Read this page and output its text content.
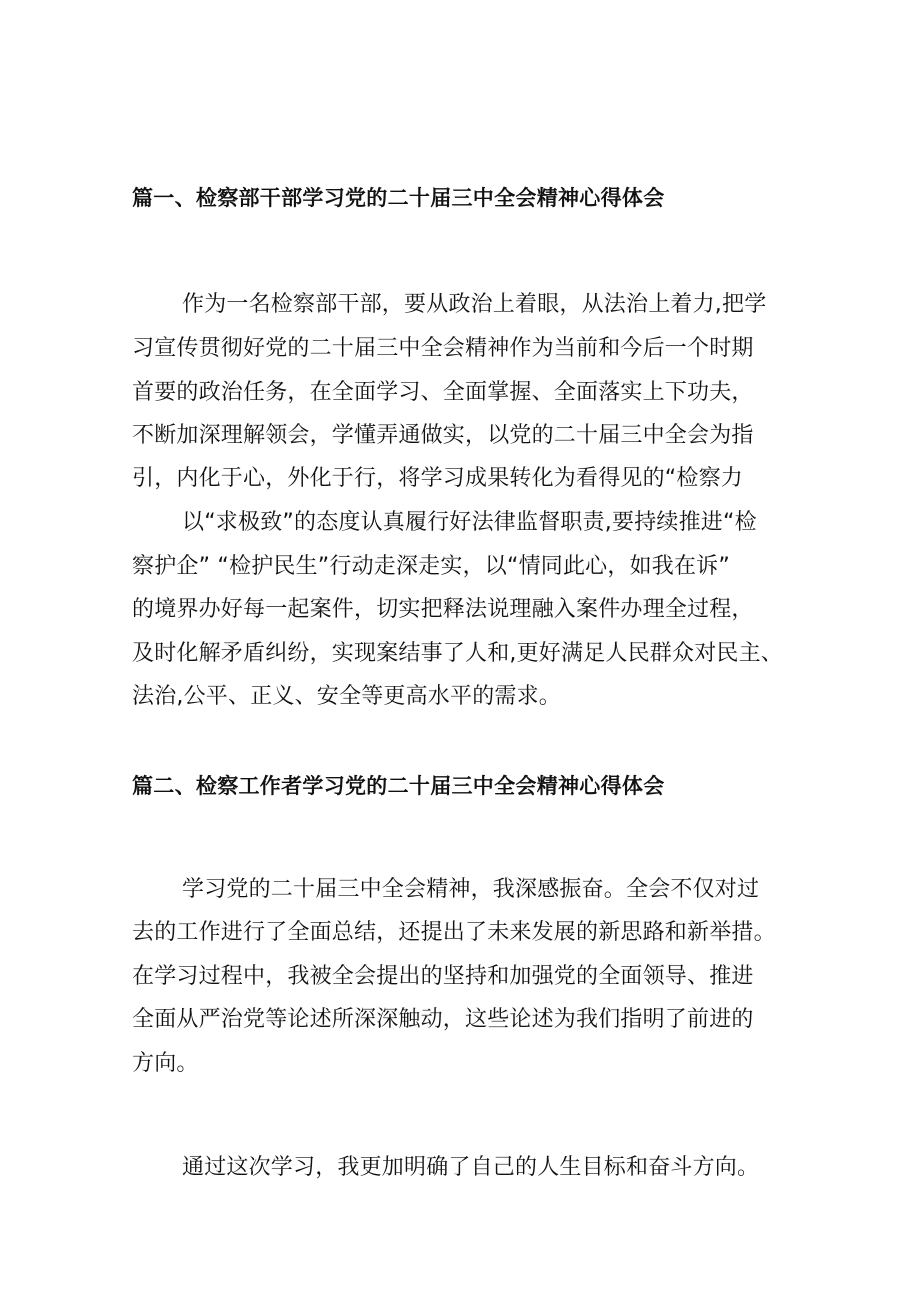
篇一、检察部干部学习党的二十届三中全会精神心得体会
作为一名检察部干部，要从政治上着眼，从法治上着力,把学
习宣传贯彻好党的二十届三中全会精神作为当前和今后一个时期
首要的政治任务，在全面学习、全面掌握、全面落实上下功夫，
不断加深理解领会，学懂弄通做实，以党的二十届三中全会为指
引，内化于心，外化于行，将学习成果转化为看得见的“检察力
以“求极致”的态度认真履行好法律监督职责,要持续推进“检
察护企” “检护民生”行动走深走实，以“情同此心，如我在诉”
的境界办好每一起案件，切实把释法说理融入案件办理全过程，
及时化解矛盾纠纷，实现案结事了人和,更好满足人民群众对民主、
法治,公平、正义、安全等更高水平的需求。
篇二、检察工作者学习党的二十届三中全会精神心得体会
学习党的二十届三中全会精神，我深感振奋。全会不仅对过
去的工作进行了全面总结，还提出了未来发展的新思路和新举措。
在学习过程中，我被全会提出的坚持和加强党的全面领导、推进
全面从严治党等论述所深深触动，这些论述为我们指明了前进的
方向。
通过这次学习，我更加明确了自己的人生目标和奋斗方向。
